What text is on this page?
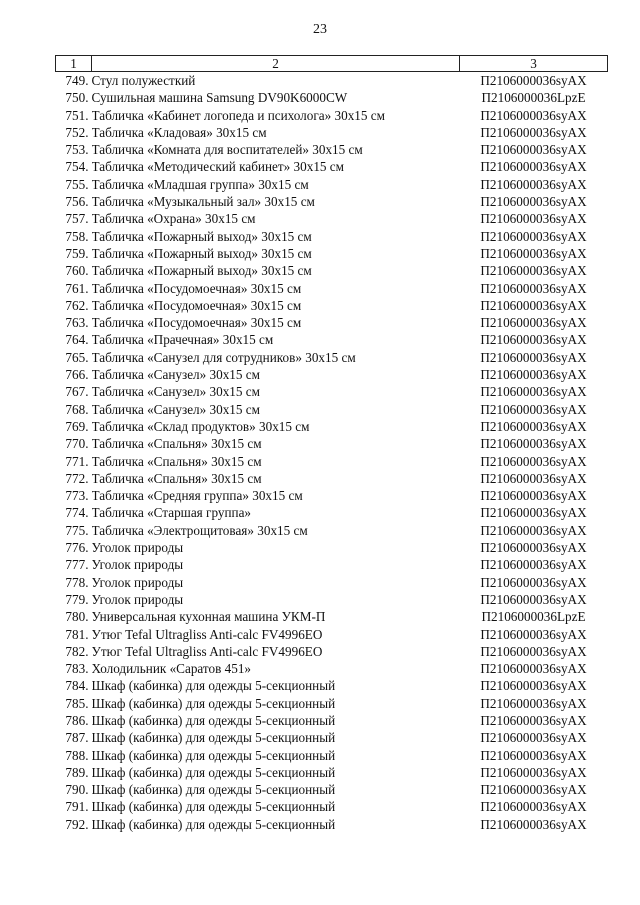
23
1	2	3
749.	Стул полужесткий	П2106000036syAX
750.	Сушильная машина Samsung DV90K6000CW	П2106000036LpzE
751.	Табличка «Кабинет логопеда и психолога» 30x15 см	П2106000036syAX
752.	Табличка «Кладовая» 30x15 см	П2106000036syAX
753.	Табличка «Комната для воспитателей» 30x15 см	П2106000036syAX
754.	Табличка «Методический кабинет» 30x15 см	П2106000036syAX
755.	Табличка «Младшая группа» 30x15 см	П2106000036syAX
756.	Табличка «Музыкальный зал» 30x15 см	П2106000036syAX
757.	Табличка «Охрана» 30x15 см	П2106000036syAX
758.	Табличка «Пожарный выход» 30x15 см	П2106000036syAX
759.	Табличка «Пожарный выход» 30x15 см	П2106000036syAX
760.	Табличка «Пожарный выход» 30x15 см	П2106000036syAX
761.	Табличка «Посудомоечная» 30x15 см	П2106000036syAX
762.	Табличка «Посудомоечная» 30x15 см	П2106000036syAX
763.	Табличка «Посудомоечная» 30x15 см	П2106000036syAX
764.	Табличка «Прачечная» 30x15 см	П2106000036syAX
765.	Табличка «Санузел для сотрудников» 30x15 см	П2106000036syAX
766.	Табличка «Санузел» 30x15 см	П2106000036syAX
767.	Табличка «Санузел» 30x15 см	П2106000036syAX
768.	Табличка «Санузел» 30x15 см	П2106000036syAX
769.	Табличка «Склад продуктов» 30x15 см	П2106000036syAX
770.	Табличка «Спальня» 30x15 см	П2106000036syAX
771.	Табличка «Спальня» 30x15 см	П2106000036syAX
772.	Табличка «Спальня» 30x15 см	П2106000036syAX
773.	Табличка «Средняя группа» 30x15 см	П2106000036syAX
774.	Табличка «Старшая группа»	П2106000036syAX
775.	Табличка «Электрощитовая» 30x15 см	П2106000036syAX
776.	Уголок природы	П2106000036syAX
777.	Уголок природы	П2106000036syAX
778.	Уголок природы	П2106000036syAX
779.	Уголок природы	П2106000036syAX
780.	Универсальная кухонная машина УКМ-П	П2106000036LpzE
781.	Утюг Tefal Ultragliss Anti-calc FV4996EO	П2106000036syAX
782.	Утюг Tefal Ultragliss Anti-calc FV4996EO	П2106000036syAX
783.	Холодильник «Саратов 451»	П2106000036syAX
784.	Шкаф (кабинка) для одежды 5-секционный	П2106000036syAX
785.	Шкаф (кабинка) для одежды 5-секционный	П2106000036syAX
786.	Шкаф (кабинка) для одежды 5-секционный	П2106000036syAX
787.	Шкаф (кабинка) для одежды 5-секционный	П2106000036syAX
788.	Шкаф (кабинка) для одежды 5-секционный	П2106000036syAX
789.	Шкаф (кабинка) для одежды 5-секционный	П2106000036syAX
790.	Шкаф (кабинка) для одежды 5-секционный	П2106000036syAX
791.	Шкаф (кабинка) для одежды 5-секционный	П2106000036syAX
792.	Шкаф (кабинка) для одежды 5-секционный	П2106000036syAX
